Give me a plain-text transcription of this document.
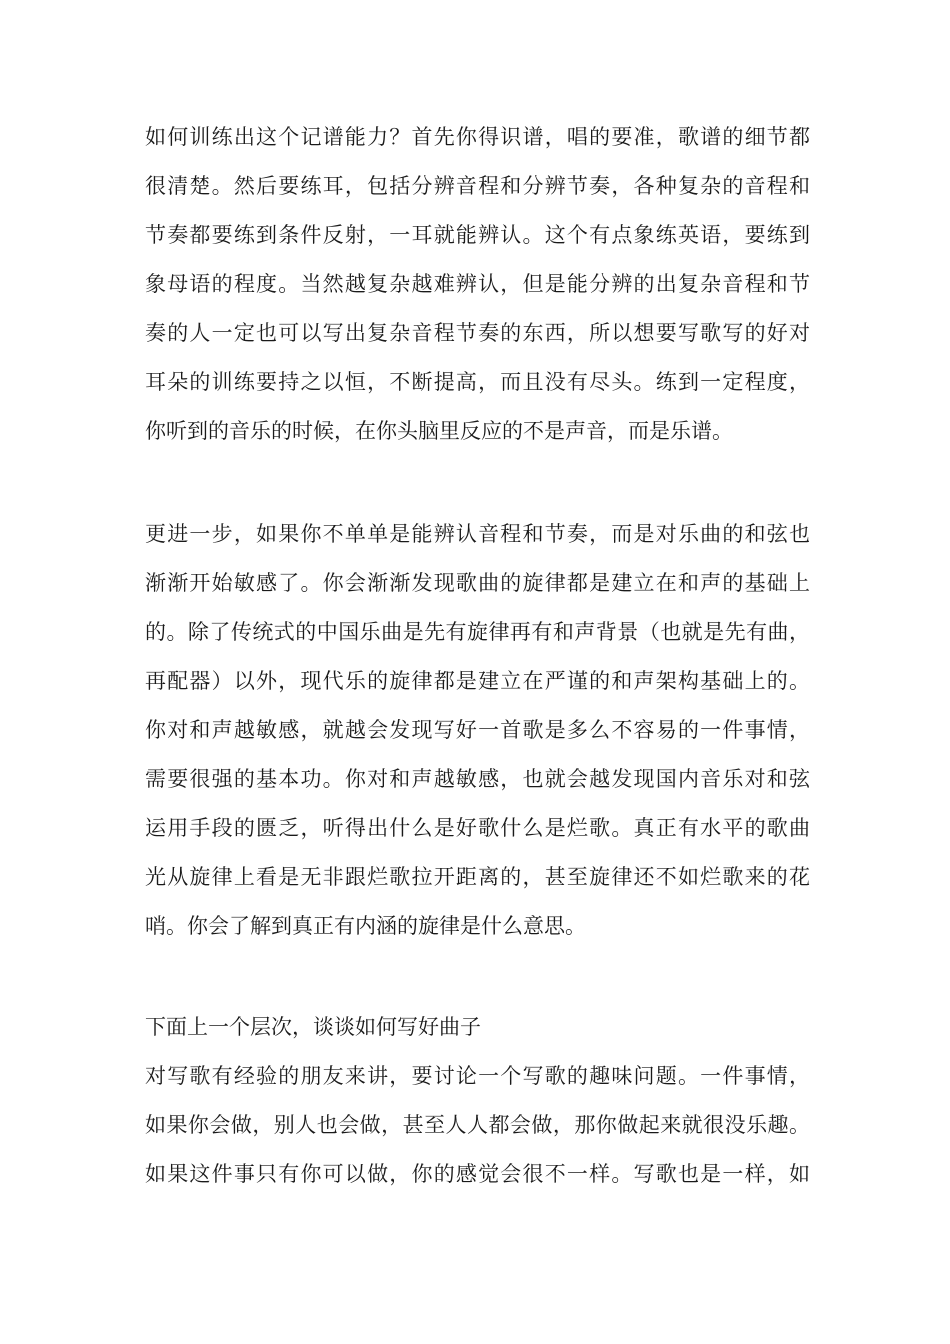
如何训练出这个记谱能力？首先你得识谱，唱的要准，歌谱的细节都
很清楚。然后要练耳，包括分辨音程和分辨节奏，各种复杂的音程和
节奏都要练到条件反射，一耳就能辨认。这个有点象练英语，要练到
象母语的程度。当然越复杂越难辨认，但是能分辨的出复杂音程和节
奏的人一定也可以写出复杂音程节奏的东西，所以想要写歌写的好对
耳朵的训练要持之以恒，不断提高，而且没有尽头。练到一定程度，
你听到的音乐的时候，在你头脑里反应的不是声音，而是乐谱。
更进一步，如果你不单单是能辨认音程和节奏，而是对乐曲的和弦也
渐渐开始敏感了。你会渐渐发现歌曲的旋律都是建立在和声的基础上
的。除了传统式的中国乐曲是先有旋律再有和声背景（也就是先有曲，
再配器）以外，现代乐的旋律都是建立在严谨的和声架构基础上的。
你对和声越敏感，就越会发现写好一首歌是多么不容易的一件事情，
需要很强的基本功。你对和声越敏感，也就会越发现国内音乐对和弦
运用手段的匮乏，听得出什么是好歌什么是烂歌。真正有水平的歌曲
光从旋律上看是无非跟烂歌拉开距离的，甚至旋律还不如烂歌来的花
哨。你会了解到真正有内涵的旋律是什么意思。
下面上一个层次，谈谈如何写好曲子
对写歌有经验的朋友来讲，要讨论一个写歌的趣味问题。一件事情，
如果你会做，别人也会做，甚至人人都会做，那你做起来就很没乐趣。
如果这件事只有你可以做，你的感觉会很不一样。写歌也是一样，如
